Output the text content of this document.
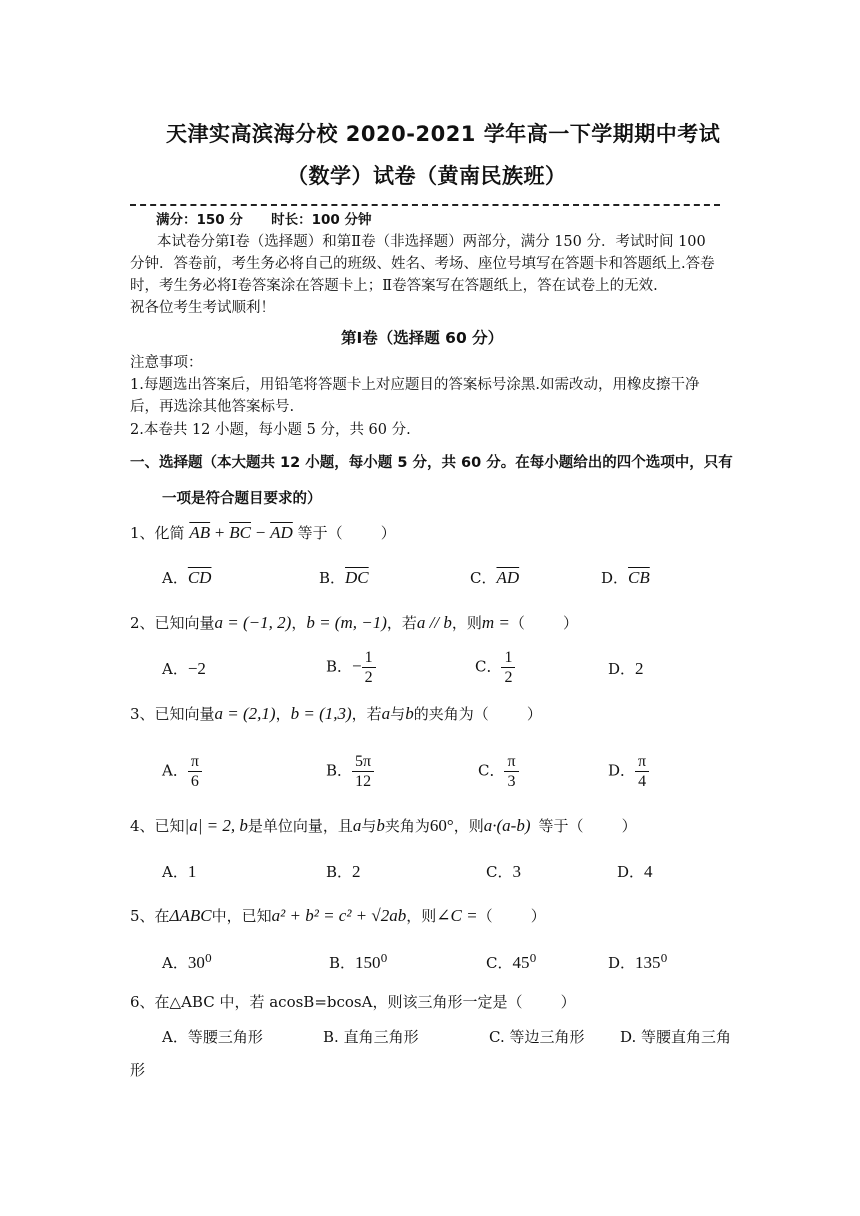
天津实高滨海分校 2020-2021 学年高一下学期期中考试
（数学）试卷（黄南民族班）
满分：150 分      时长：100 分钟
本试卷分第Ⅰ卷（选择题）和第Ⅱ卷（非选择题）两部分，满分 150 分．考试时间 100
分钟．答卷前，考生务必将自己的班级、姓名、考场、座位号填写在答题卡和答题纸上.答卷
时，考生务必将Ⅰ卷答案涂在答题卡上；Ⅱ卷答案写在答题纸上，答在试卷上的无效.
祝各位考生考试顺利！
第Ⅰ卷（选择题 60 分）
注意事项：
1.每题选出答案后，用铅笔将答题卡上对应题目的答案标号涂黑.如需改动，用橡皮擦干净
后，再选涂其他答案标号.
2.本卷共 12 小题，每小题 5 分，共 60 分.
一、选择题（本大题共 12 小题，每小题 5 分，共 60 分。在每小题给出的四个选项中，只有
一项是符合题目要求的）
1、化简 $\overline{AB} + \overline{BC} - \overline{AD}$ 等于（        ）
A．$\overline{CD}$	B．$\overline{DC}$	C．$\overline{AD}$	D．$\overline{CB}$
2、已知向量a = (−1, 2)，b = (m, −1)，若a // b，则m =（        ）
A．−2	B．− $\frac{1}{2}$	C． $\frac{1}{2}$	D．2
3、已知向量a = (2,1)，b = (1,3)，若a与b的夹角为（        ）
A． $\frac{\pi}{6}$	B． $\frac{5\pi}{12}$	C． $\frac{\pi}{3}$	D． $\frac{\pi}{4}$
4、已知|a| = 2, b是单位向量，且a与b夹角为60°，则a·(a-b) 等于（        ）
A．1	B．2	C．3	D．4
5、在ΔABC中，已知a² + b² = c² + √2ab，则∠C =（        ）
A．$30^0$	B．$150^0$	C．$45^0$	D．$135^0$
6、在△ABC 中，若 acosB=bcosA，则该三角形一定是（        ）
A．等腰三角形	B. 直角三角形	C. 等边三角形 D. 等腰直角三角
形
